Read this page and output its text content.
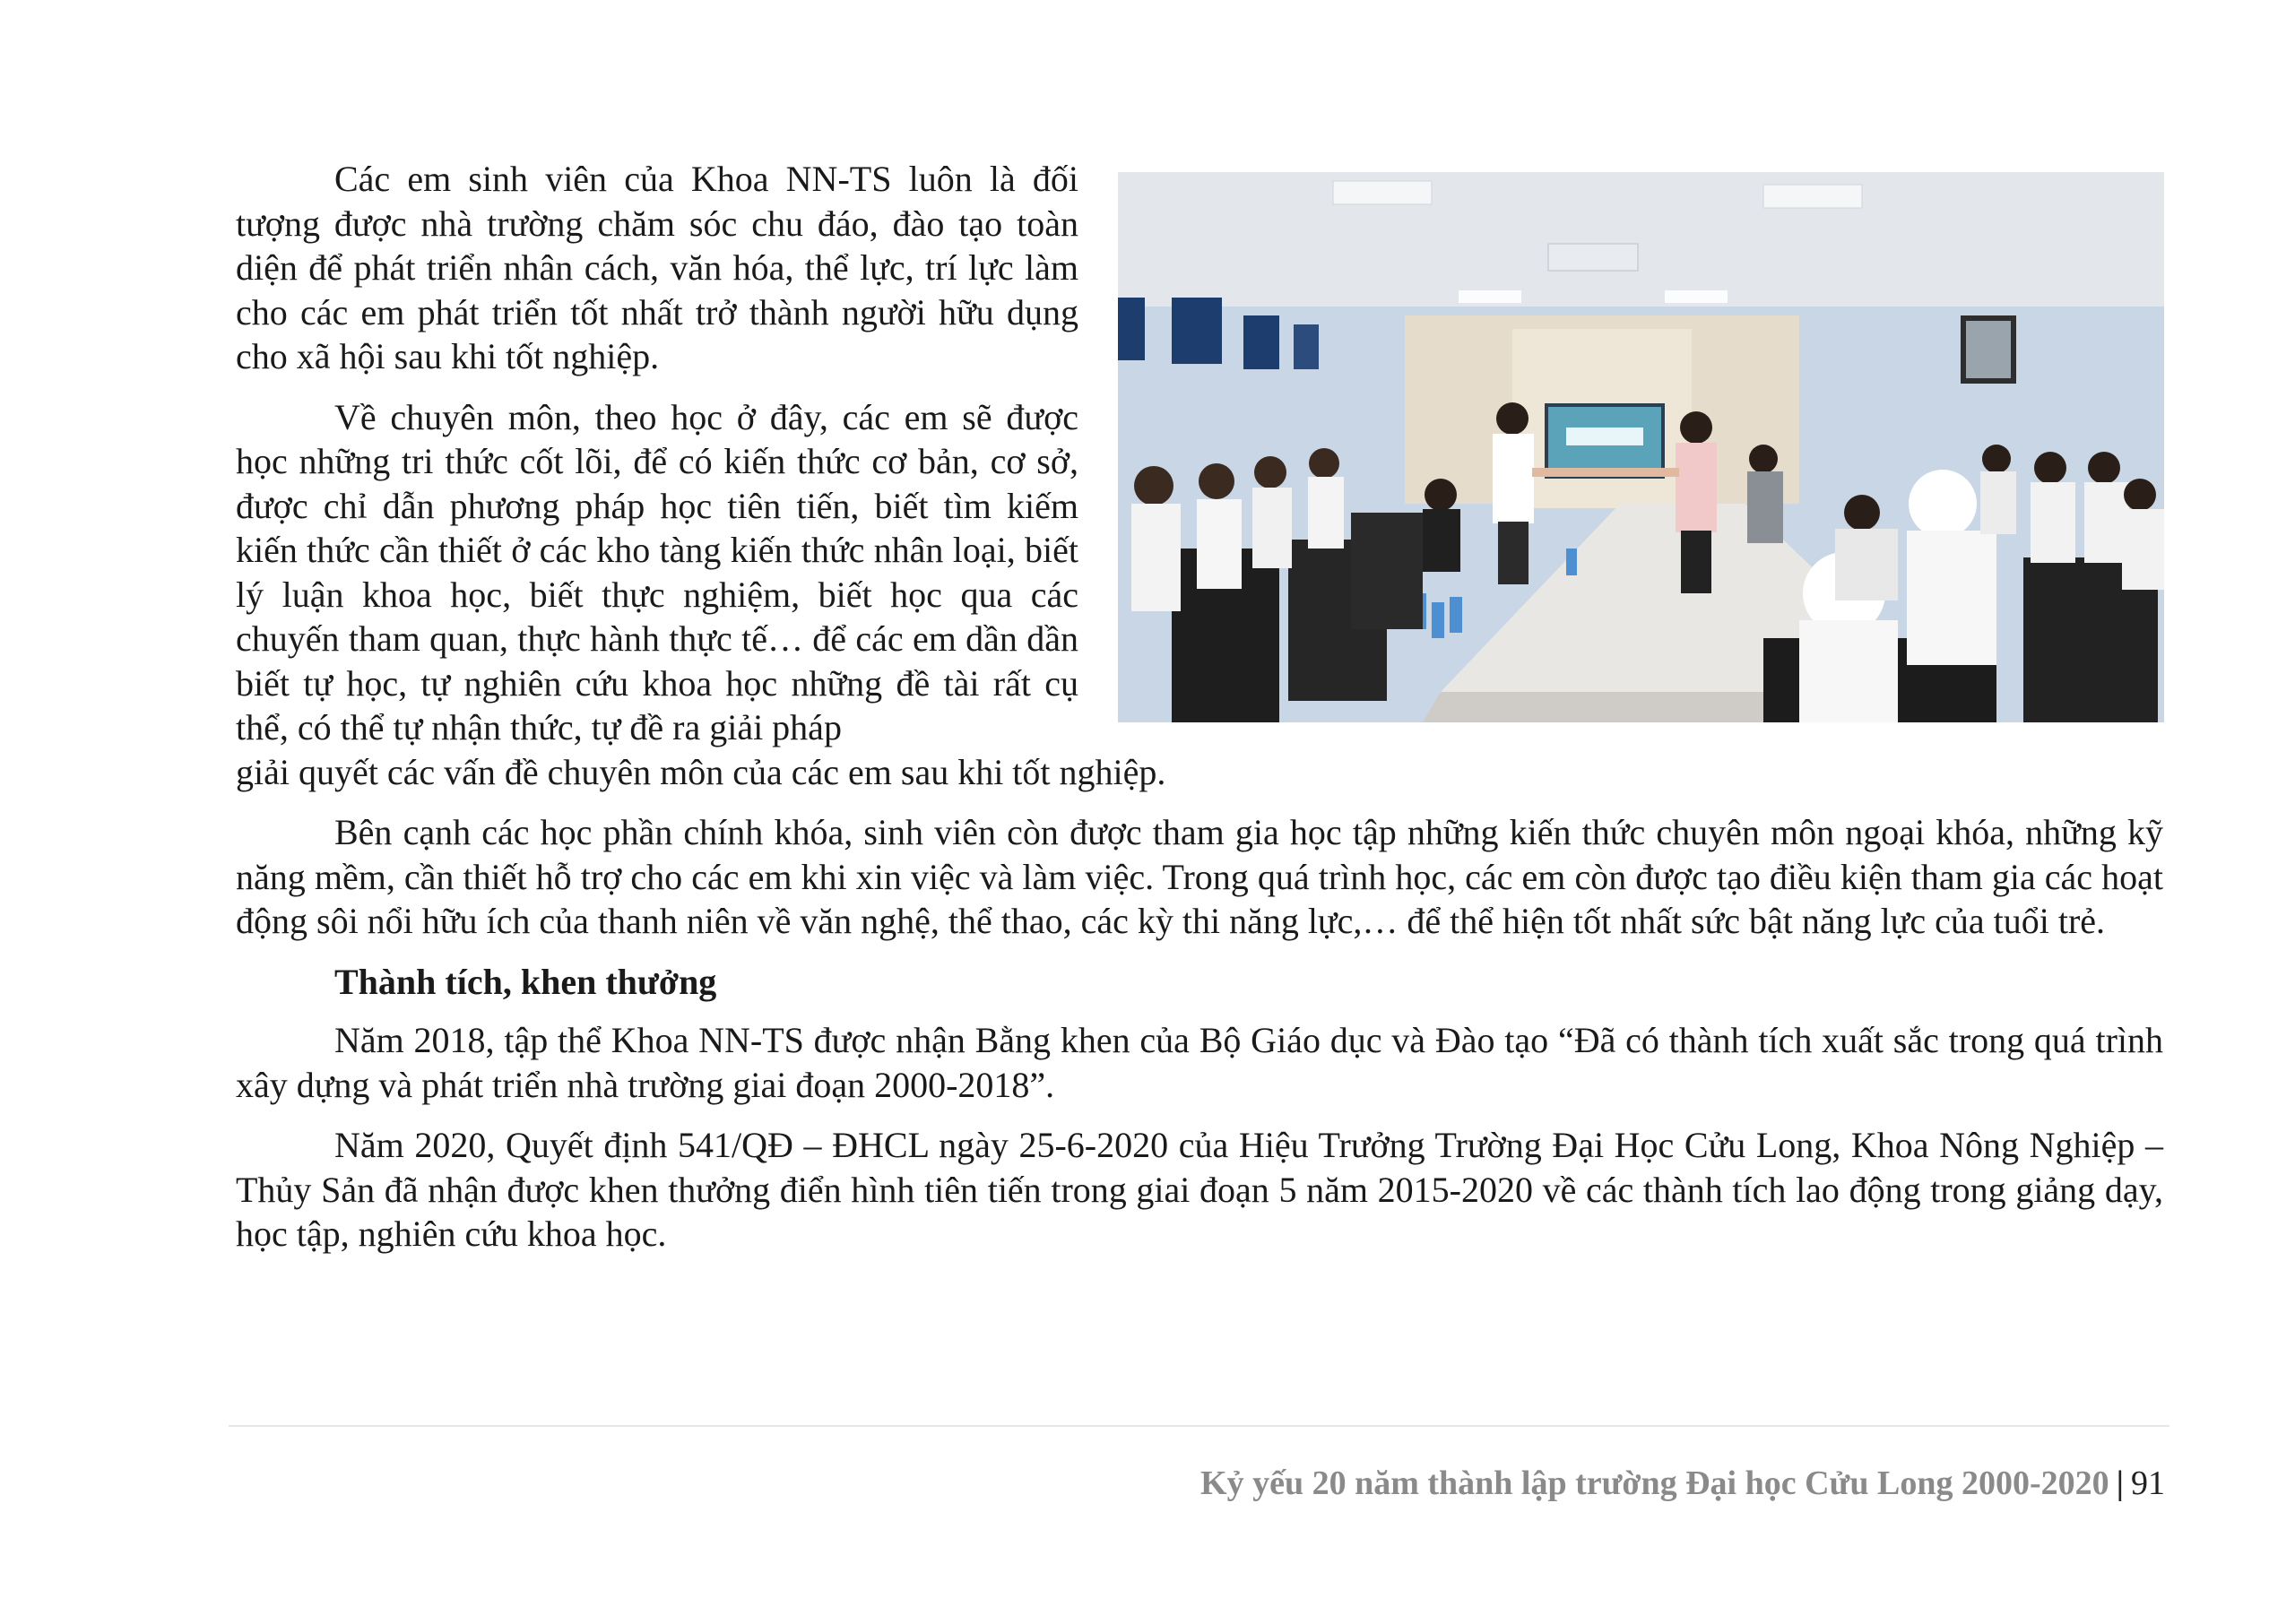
Các em sinh viên của Khoa NN-TS luôn là đối tượng được nhà trường chăm sóc chu đáo, đào tạo toàn diện để phát triển nhân cách, văn hóa, thể lực, trí lực làm cho các em phát triển tốt nhất trở thành người hữu dụng cho xã hội sau khi tốt nghiệp.

Về chuyên môn, theo học ở đây, các em sẽ được học những tri thức cốt lõi, để có kiến thức cơ bản, cơ sở, được chỉ dẫn phương pháp học tiên tiến, biết tìm kiếm kiến thức cần thiết ở các kho tàng kiến thức nhân loại, biết lý luận khoa học, biết thực nghiệm, biết học qua các chuyến tham quan, thực hành thực tế… để các em dần dần biết tự học, tự nghiên cứu khoa học những đề tài rất cụ thể, có thể tự nhận thức, tự đề ra giải pháp

giải quyết các vấn đề chuyên môn của các em sau khi tốt nghiệp.

Bên cạnh các học phần chính khóa, sinh viên còn được tham gia học tập những kiến thức chuyên môn ngoại khóa, những kỹ năng mềm, cần thiết hỗ trợ cho các em khi xin việc và làm việc. Trong quá trình học, các em còn được tạo điều kiện tham gia các hoạt động sôi nổi hữu ích của thanh niên về văn nghệ, thể thao, các kỳ thi năng lực,… để thể hiện tốt nhất sức bật năng lực của tuổi trẻ.

Thành tích, khen thưởng

Năm 2018, tập thể Khoa NN-TS được nhận Bằng khen của Bộ Giáo dục và Đào tạo “Đã có thành tích xuất sắc trong quá trình xây dựng và phát triển nhà trường giai đoạn 2000-2018”.

Năm 2020, Quyết định 541/QĐ – ĐHCL ngày 25-6-2020 của Hiệu Trưởng Trường Đại Học Cửu Long, Khoa Nông Nghiệp – Thủy Sản đã nhận được khen thưởng điển hình tiên tiến trong giai đoạn 5 năm 2015-2020 về các thành tích lao động trong giảng dạy, học tập, nghiên cứu khoa học.

Kỷ yếu 20 năm thành lập trường Đại học Cửu Long 2000-2020 | 91
